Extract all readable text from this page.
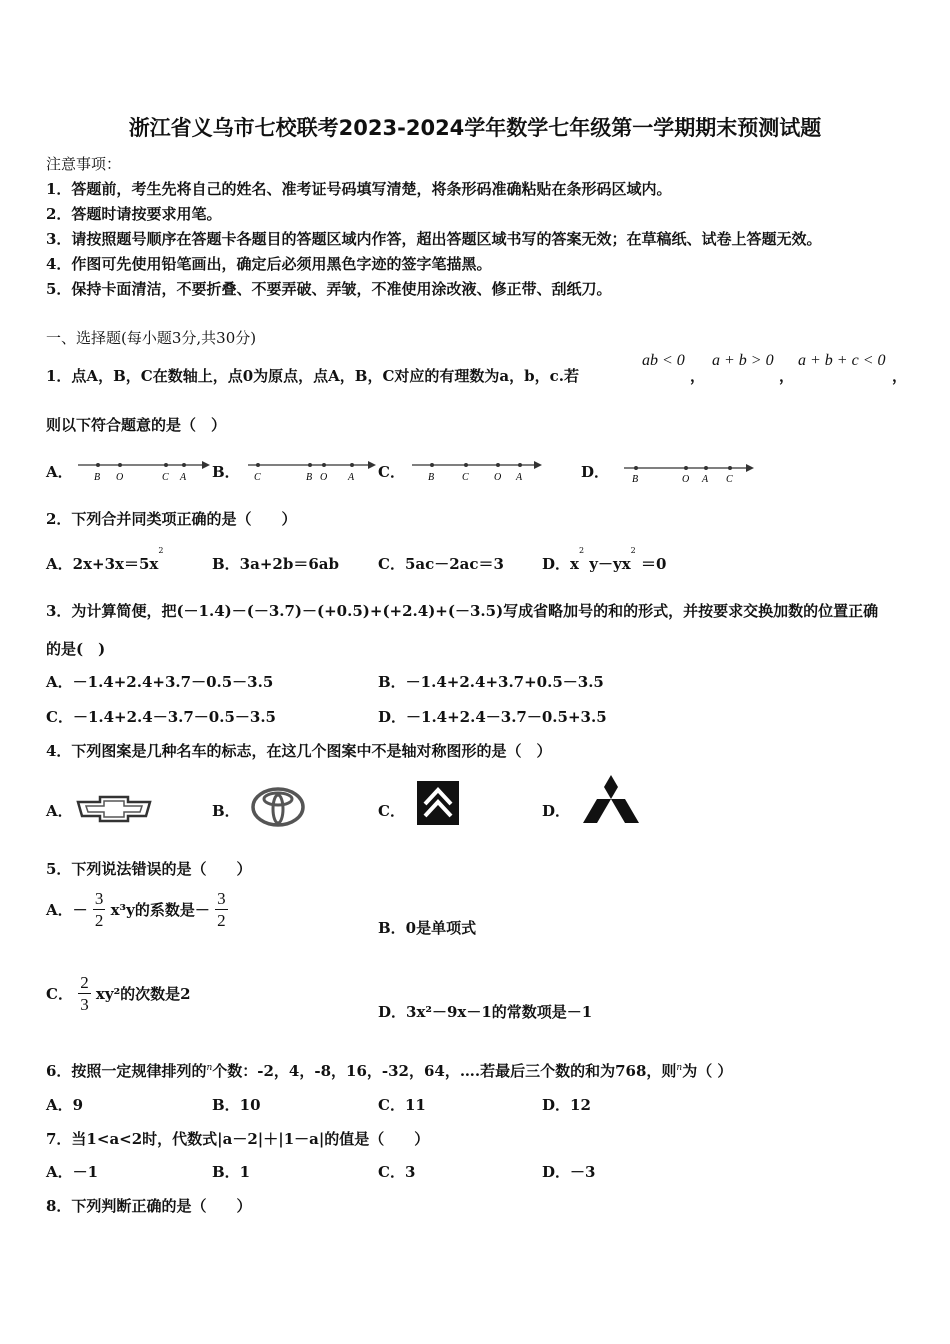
浙江省义乌市七校联考2023-2024学年数学七年级第一学期期末预测试题
注意事项：
1．答题前，考生先将自己的姓名、准考证号码填写清楚，将条形码准确粘贴在条形码区域内。
2．答题时请按要求用笔。
3．请按照题号顺序在答题卡各题目的答题区域内作答，超出答题区域书写的答案无效；在草稿纸、试卷上答题无效。
4．作图可先使用铅笔画出，确定后必须用黑色字迹的签字笔描黑。
5．保持卡面清洁，不要折叠、不要弄破、弄皱，不准使用涂改液、修正带、刮纸刀。
一、选择题(每小题3分,共30分)
1．点A，B，C在数轴上，点0为原点，点A，B，C对应的有理数为a，b，c.若
ab < 0
，
a + b > 0
，
a + b + c < 0
，
则以下符合题意的是（　）
A． B O	C A B． C	B O A C． B	C	O A	D． B	O A C
2．下列合并同类项正确的是（　　）
A．$2x+3x=5x^2$
B．3a+2b＝6ab	C．5ac－2ac＝3	D．$x^2$ $y-yx^2 =0$
3．为计算简便，把(－1.4)－(－3.7)－(+0.5)+(+2.4)+(－3.5)写成省略加号的和的形式，并按要求交换加数的位置正确
的是(　)
A．－1.4+2.4+3.7－0.5－3.5	B．－1.4+2.4+3.7+0.5－3.5
C．－1.4+2.4－3.7－0.5－3.5	D．－1.4+2.4－3.7－0.5+3.5
4．下列图案是几种名车的标志，在这几个图案中不是轴对称图形的是（　）
A．	B．	C．	D．
5．下列说法错误的是（　　）
A．－ $\frac{3}{2} x^3y$的系数是－ $\frac{3}{2}$	B．0是单项式
C． $\frac{2}{3} xy^2$的次数是2
D．3x²－9x－1的常数项是－1
6．按照一定规律排列的$^n$个数：-2，4，-8，16，-32，64，….若最后三个数的和为768，则$^n$为（ ）
A．9	B．10	C．11	D．12
7．当1<a<2时，代数式|a－2|＋|1－a|的值是（　　）
A．－1	B．1	C．3	D．－3
8．下列判断正确的是（　　）
